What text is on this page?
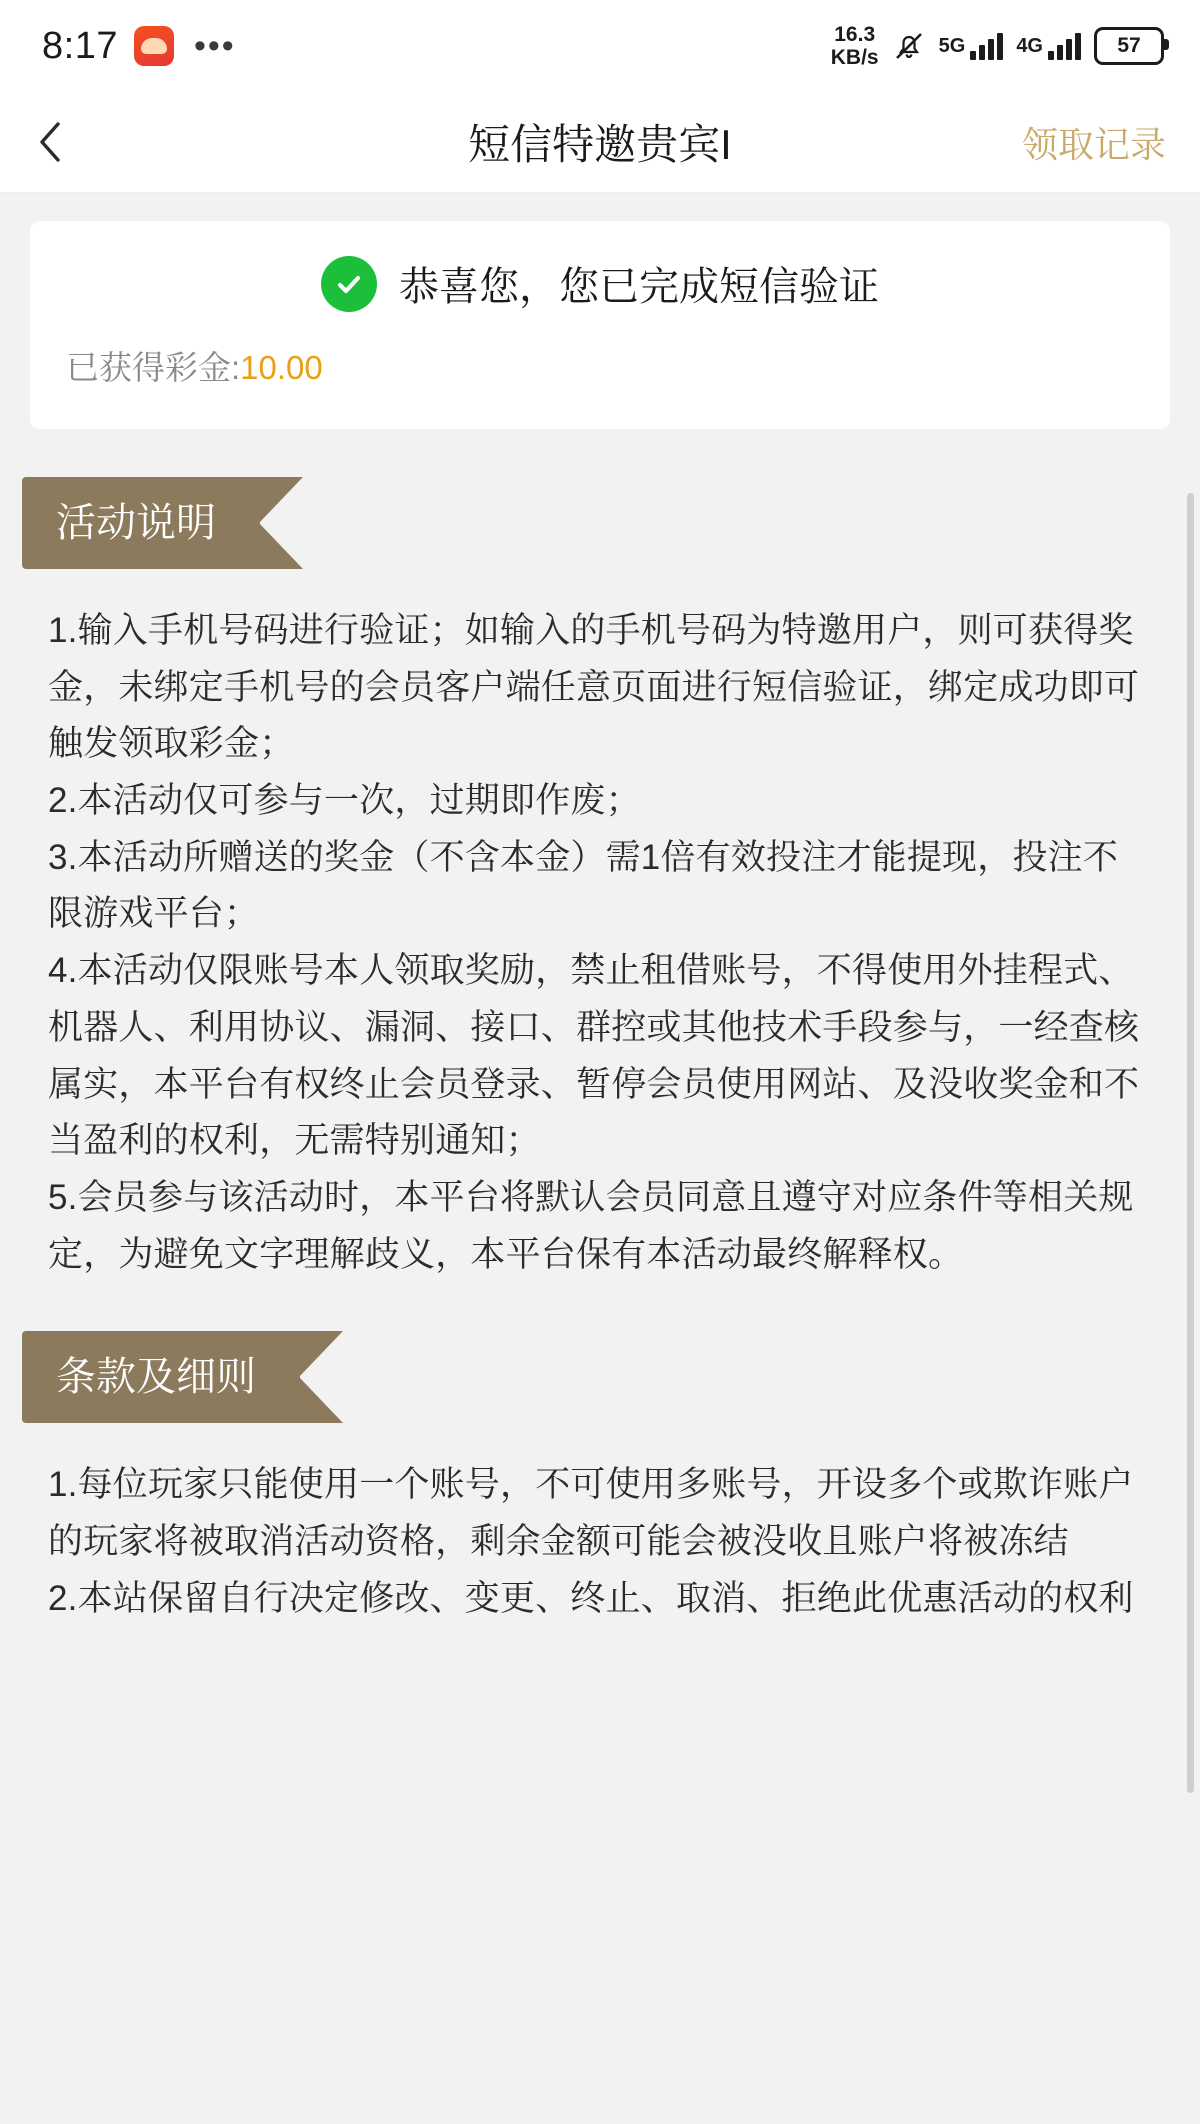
8:17 •••	16.3
KB/s
5G	4G	57
短信特邀贵宾I	领取记录
恭喜您，您已完成短信验证
已获得彩金:10.00
活动说明

1.输入手机号码进行验证；如输入的手机号码为特邀用户，则可获得奖金，未绑定手机号的会员客户端任意页面进行短信验证，绑定成功即可触发领取彩金；

2.本活动仅可参与一次，过期即作废；

3.本活动所赠送的奖金（不含本金）需1倍有效投注才能提现，投注不限游戏平台；

4.本活动仅限账号本人领取奖励，禁止租借账号，不得使用外挂程式、机器人、利用协议、漏洞、接口、群控或其他技术手段参与，一经查核属实，本平台有权终止会员登录、暂停会员使用网站、及没收奖金和不当盈利的权利，无需特别通知；

5.会员参与该活动时，本平台将默认会员同意且遵守对应条件等相关规定，为避免文字理解歧义，本平台保有本活动最终解释权。

条款及细则

1.每位玩家只能使用一个账号，不可使用多账号，开设多个或欺诈账户的玩家将被取消活动资格，剩余金额可能会被没收且账户将被冻结

2.本站保留自行决定修改、变更、终止、取消、拒绝此优惠活动的权利
